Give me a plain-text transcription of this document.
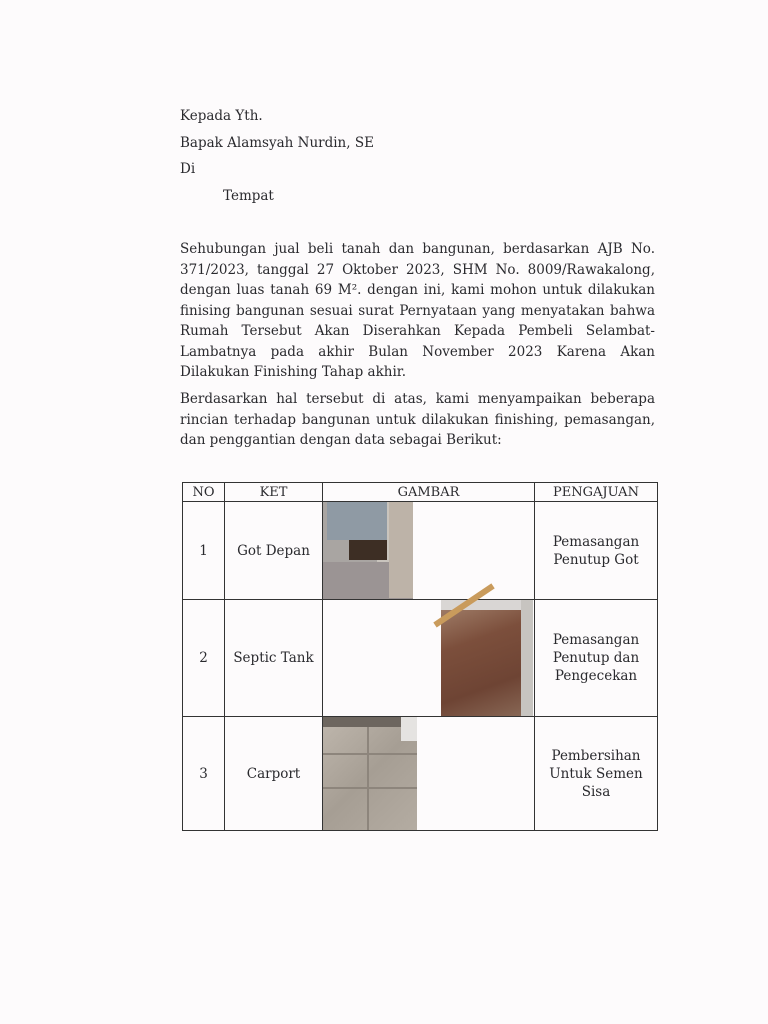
Kepada Yth.
Bapak Alamsyah Nurdin, SE
Di
Tempat
Sehubungan jual beli tanah dan bangunan, berdasarkan AJB No. 371/2023, tanggal 27 Oktober 2023, SHM No. 8009/Rawakalong, dengan luas tanah 69 M². dengan ini, kami mohon untuk dilakukan finising bangunan sesuai surat Pernyataan yang menyatakan bahwa Rumah Tersebut Akan Diserahkan Kepada Pembeli Selambat-Lambatnya pada akhir Bulan November 2023 Karena Akan Dilakukan Finishing Tahap akhir.
Berdasarkan hal tersebut di atas, kami menyampaikan beberapa rincian terhadap bangunan untuk dilakukan finishing, pemasangan, dan penggantian dengan data sebagai Berikut:
NO	KET	GAMBAR	PENGAJUAN
1	Got Depan		Pemasangan Penutup Got

2	Septic Tank		Pemasangan Penutup dan Pengecekan

3	Carport		Pembersihan Untuk Semen Sisa
